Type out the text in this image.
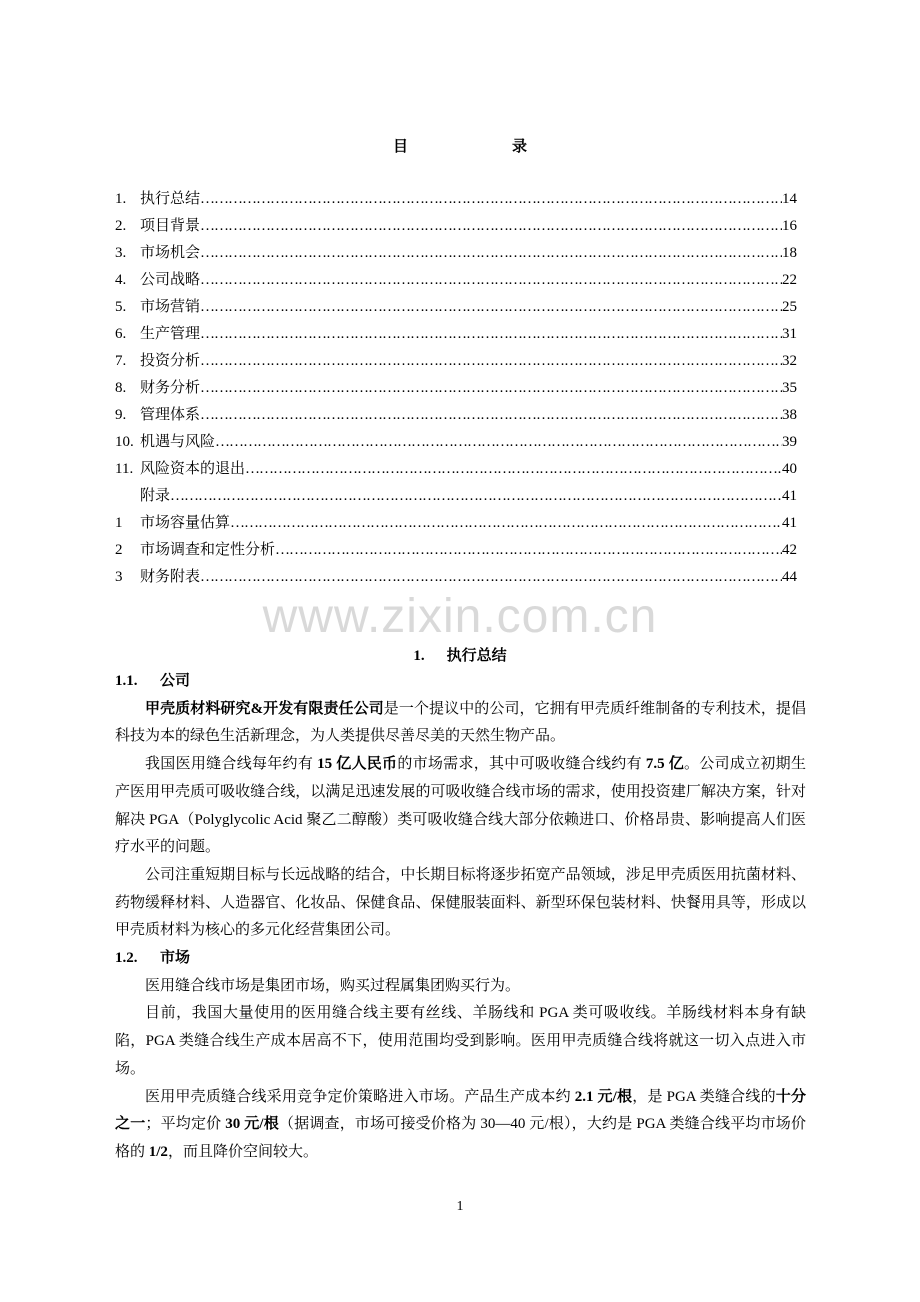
目	录
1. 执行总结 …………………………………………………………………………………………………………………………………………………………………………	14
2. 项目背景 …………………………………………………………………………………………………………………………………………………………………………	16
3. 市场机会 …………………………………………………………………………………………………………………………………………………………………………	18
4. 公司战略 …………………………………………………………………………………………………………………………………………………………………………	22
5. 市场营销 …………………………………………………………………………………………………………………………………………………………………………	25
6. 生产管理 …………………………………………………………………………………………………………………………………………………………………………	31
7. 投资分析 …………………………………………………………………………………………………………………………………………………………………………	32
8. 财务分析 …………………………………………………………………………………………………………………………………………………………………………	35
9. 管理体系 …………………………………………………………………………………………………………………………………………………………………………	38
10. 机遇与风险 …………………………………………………………………………………………………………………………………………………………………………	39
11. 风险资本的退出 …………………………………………………………………………………………………………………………………………………………………………	40
附录 …………………………………………………………………………………………………………………………………………………………………………	41
1	市场容量估算 …………………………………………………………………………………………………………………………………………………………………………	41
2	市场调查和定性分析 …………………………………………………………………………………………………………………………………………………………………………	42
3	财务附表 …………………………………………………………………………………………………………………………………………………………………………	44
www.zixin.com.cn
1. 执行总结
1.1. 公司

甲壳质材料研究&开发有限责任公司是一个提议中的公司，它拥有甲壳质纤维制备的专利技术，提倡科技为本的绿色生活新理念，为人类提供尽善尽美的天然生物产品。

我国医用缝合线每年约有 15 亿人民币的市场需求，其中可吸收缝合线约有 7.5 亿。公司成立初期生产医用甲壳质可吸收缝合线，以满足迅速发展的可吸收缝合线市场的需求，使用投资建厂解决方案，针对解决 PGA（Polyglycolic Acid 聚乙二醇酸）类可吸收缝合线大部分依赖进口、价格昂贵、影响提高人们医疗水平的问题。

公司注重短期目标与长远战略的结合，中长期目标将逐步拓宽产品领域，涉足甲壳质医用抗菌材料、药物缓释材料、人造器官、化妆品、保健食品、保健服装面料、新型环保包装材料、快餐用具等，形成以甲壳质材料为核心的多元化经营集团公司。

1.2. 市场

医用缝合线市场是集团市场，购买过程属集团购买行为。

目前，我国大量使用的医用缝合线主要有丝线、羊肠线和 PGA 类可吸收线。羊肠线材料本身有缺陷，PGA 类缝合线生产成本居高不下，使用范围均受到影响。医用甲壳质缝合线将就这一切入点进入市场。

医用甲壳质缝合线采用竞争定价策略进入市场。产品生产成本约 2.1 元/根，是 PGA 类缝合线的十分之一；平均定价 30 元/根（据调查，市场可接受价格为 30—40 元/根），大约是 PGA 类缝合线平均市场价格的 1/2，而且降价空间较大。

1
